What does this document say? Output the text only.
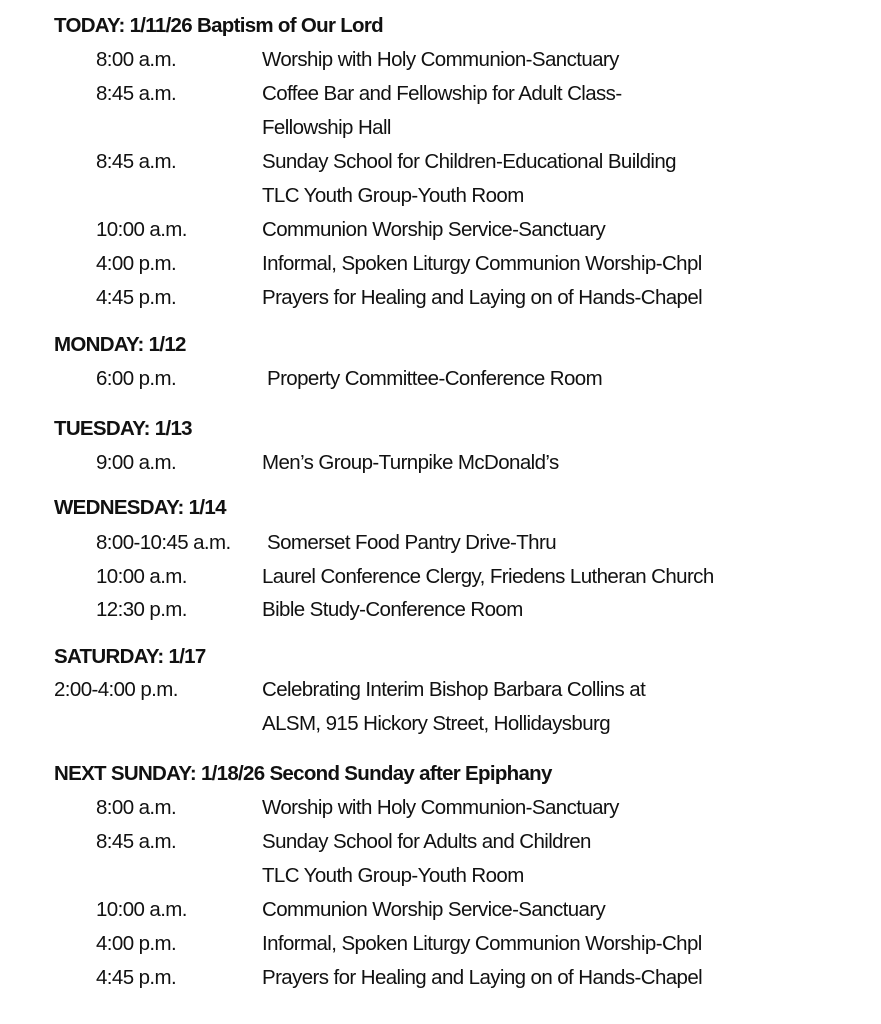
TODAY: 1/11/26 Baptism of Our Lord
8:00 a.m.	Worship with Holy Communion-Sanctuary
8:45 a.m.	Coffee Bar and Fellowship for Adult Class-
Fellowship Hall
8:45 a.m.	Sunday School for Children-Educational Building
TLC Youth Group-Youth Room
10:00 a.m.	Communion Worship Service-Sanctuary
4:00 p.m.	Informal, Spoken Liturgy Communion Worship-Chpl
4:45 p.m.	Prayers for Healing and Laying on of Hands-Chapel
MONDAY: 1/12
6:00 p.m.	Property Committee-Conference Room
TUESDAY: 1/13
9:00 a.m.	Men’s Group-Turnpike McDonald’s
WEDNESDAY: 1/14
8:00-10:45 a.m. Somerset Food Pantry Drive-Thru
10:00 a.m.	Laurel Conference Clergy, Friedens Lutheran Church
12:30 p.m.	Bible Study-Conference Room
SATURDAY: 1/17
2:00-4:00 p.m.	Celebrating Interim Bishop Barbara Collins at
ALSM, 915 Hickory Street, Hollidaysburg
NEXT SUNDAY: 1/18/26 Second Sunday after Epiphany
8:00 a.m.	Worship with Holy Communion-Sanctuary
8:45 a.m.	Sunday School for Adults and Children
TLC Youth Group-Youth Room
10:00 a.m.	Communion Worship Service-Sanctuary
4:00 p.m.	Informal, Spoken Liturgy Communion Worship-Chpl
4:45 p.m.	Prayers for Healing and Laying on of Hands-Chapel
